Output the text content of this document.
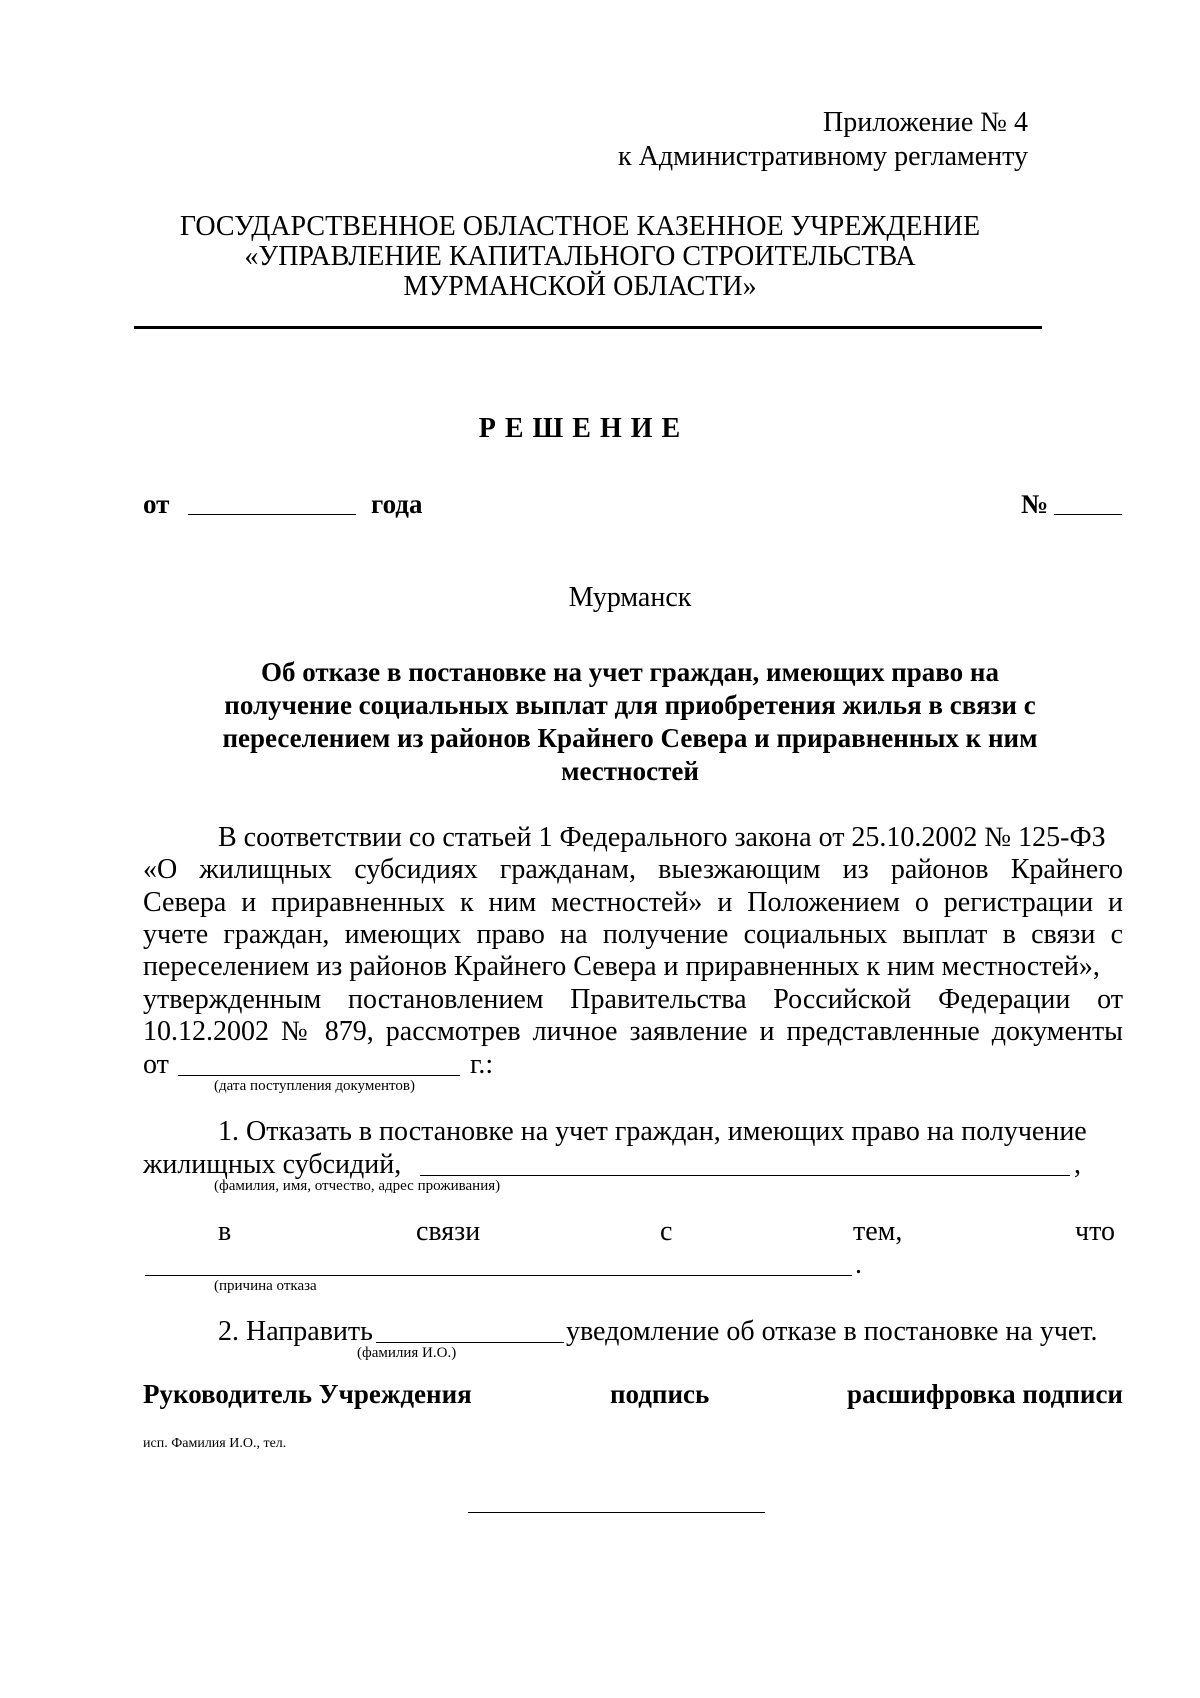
Приложение № 4
к Административному регламенту
ГОСУДАРСТВЕННОЕ ОБЛАСТНОЕ КАЗЕННОЕ УЧРЕЖДЕНИЕ
«УПРАВЛЕНИЕ КАПИТАЛЬНОГО СТРОИТЕЛЬСТВА
МУРМАНСКОЙ ОБЛАСТИ»
Р Е Ш Е Н И Е
от	года	№
Мурманск
Об отказе в постановке на учет граждан, имеющих право на
получение социальных выплат для приобретения жилья в связи с
переселением из районов Крайнего Севера и приравненных к ним
местностей
В соответствии со статьей 1 Федерального закона от 25.10.2002 № 125-ФЗ
«О жилищных субсидиях гражданам, выезжающим из районов Крайнего
Севера и приравненных к ним местностей» и Положением о регистрации и
учете граждан, имеющих право на получение социальных выплат в связи с
переселением из районов Крайнего Севера и приравненных к ним местностей»,
утвержденным постановлением Правительства Российской Федерации от
10.12.2002 № 879, рассмотрев личное заявление и представленные документы
от	г.:
(дата поступления документов)
1. Отказать в постановке на учет граждан, имеющих право на получение
жилищных субсидий,	,
(фамилия, имя, отчество, адрес проживания)
в	связи	с	тем,	что
.
(причина отказа
2. Направить	уведомление об отказе в постановке на учет.
(фамилия И.О.)
Руководитель Учреждения	подпись	расшифровка подписи
исп. Фамилия И.О., тел.
